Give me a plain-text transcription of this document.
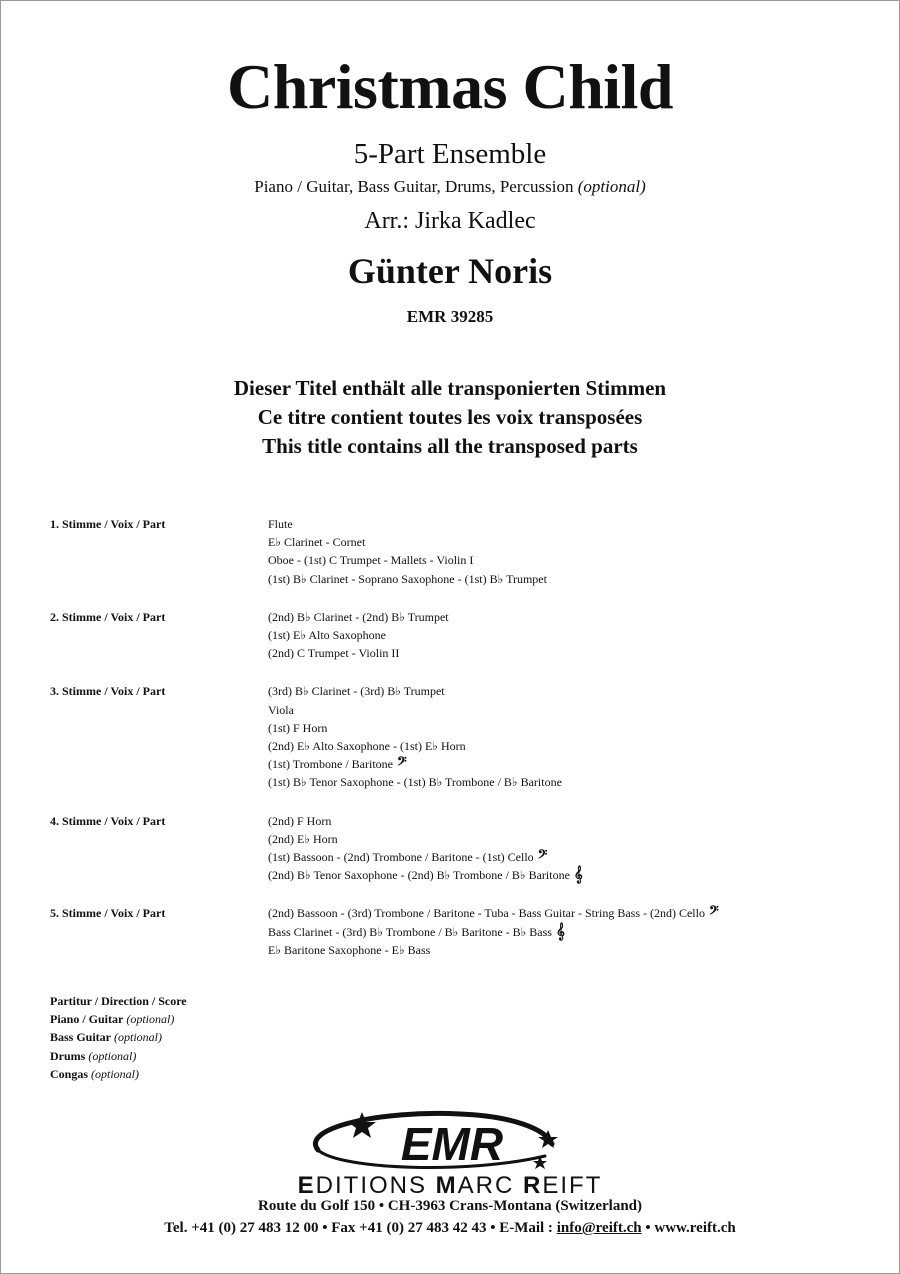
Christmas Child
5-Part Ensemble
Piano / Guitar, Bass Guitar, Drums, Percussion (optional)
Arr.: Jirka Kadlec
Günter Noris
EMR 39285
Dieser Titel enthält alle transponierten Stimmen
Ce titre contient toutes les voix transposées
This title contains all the transposed parts
1. Stimme / Voix / Part	Flute
E♭ Clarinet - Cornet
Oboe - (1st) C Trumpet - Mallets - Violin I
(1st) B♭ Clarinet - Soprano Saxophone - (1st) B♭ Trumpet
2. Stimme / Voix / Part	(2nd) B♭ Clarinet - (2nd) B♭ Trumpet
(1st) E♭ Alto Saxophone
(2nd) C Trumpet - Violin II
3. Stimme / Voix / Part	(3rd) B♭ Clarinet - (3rd) B♭ Trumpet
Viola
(1st) F Horn
(2nd) E♭ Alto Saxophone - (1st) E♭ Horn
(1st) Trombone / Baritone 𝄢
(1st) B♭ Tenor Saxophone - (1st) B♭ Trombone / B♭ Baritone
4. Stimme / Voix / Part	(2nd) F Horn
(2nd) E♭ Horn
(1st) Bassoon - (2nd) Trombone / Baritone - (1st) Cello 𝄢
(2nd) B♭ Tenor Saxophone - (2nd) B♭ Trombone / B♭ Baritone 𝄞
5. Stimme / Voix / Part	(2nd) Bassoon - (3rd) Trombone / Baritone - Tuba - Bass Guitar - String Bass - (2nd) Cello 𝄢
Bass Clarinet - (3rd) B♭ Trombone / B♭ Baritone - B♭ Bass 𝄞
E♭ Baritone Saxophone - E♭ Bass
Partitur / Direction / Score
Piano / Guitar (optional)
Bass Guitar (optional)
Drums (optional)
Congas (optional)
EMR
EDITIONS MARC REIFT
Route du Golf 150 • CH-3963 Crans-Montana (Switzerland)
Tel. +41 (0) 27 483 12 00 • Fax +41 (0) 27 483 42 43 • E-Mail : info@reift.ch • www.reift.ch
